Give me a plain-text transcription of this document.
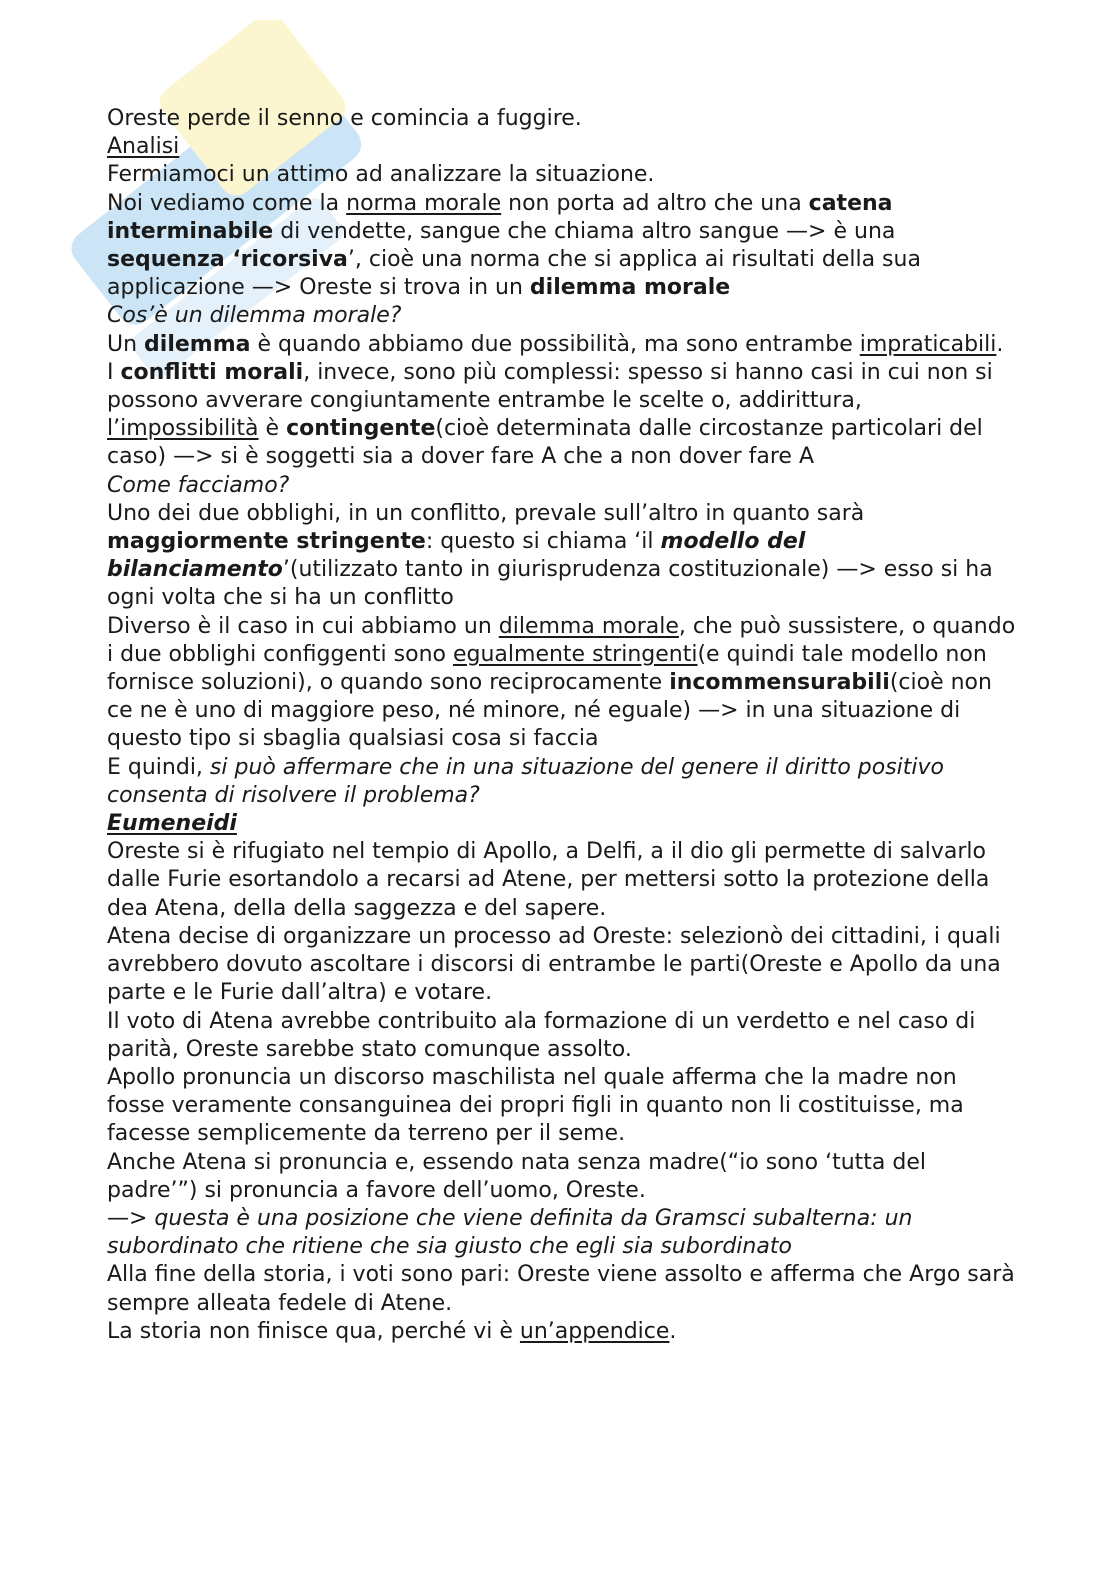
Oreste perde il senno e comincia a fuggire.

Analisi

Fermiamoci un attimo ad analizzare la situazione.

Noi vediamo come la norma morale non porta ad altro che una catena interminabile di vendette, sangue che chiama altro sangue —> è una sequenza ‘ricorsiva’, cioè una norma che si applica ai risultati della sua applicazione —> Oreste si trova in un dilemma morale

Cos’è un dilemma morale?

Un dilemma è quando abbiamo due possibilità, ma sono entrambe impraticabili.

I conflitti morali, invece, sono più complessi: spesso si hanno casi in cui non si possono avverare congiuntamente entrambe le scelte o, addirittura, l’impossibilità è contingente(cioè determinata dalle circostanze particolari del caso) —> si è soggetti sia a dover fare A che a non dover fare A

Come facciamo?

Uno dei due obblighi, in un conflitto, prevale sull’altro in quanto sarà maggiormente stringente: questo si chiama ‘il modello del bilanciamento’(utilizzato tanto in giurisprudenza costituzionale) —> esso si ha ogni volta che si ha un conflitto

Diverso è il caso in cui abbiamo un dilemma morale, che può sussistere, o quando i due obblighi configgenti sono egualmente stringenti(e quindi tale modello non fornisce soluzioni), o quando sono reciprocamente incommensurabili(cioè non ce ne è uno di maggiore peso, né minore, né eguale) —> in una situazione di questo tipo si sbaglia qualsiasi cosa si faccia

E quindi, si può affermare che in una situazione del genere il diritto positivo consenta di risolvere il problema?

Eumeneidi

Oreste si è rifugiato nel tempio di Apollo, a Delfi, a il dio gli permette di salvarlo dalle Furie esortandolo a recarsi ad Atene, per mettersi sotto la protezione della dea Atena, della della saggezza e del sapere.

Atena decise di organizzare un processo ad Oreste: selezionò dei cittadini, i quali avrebbero dovuto ascoltare i discorsi di entrambe le parti(Oreste e Apollo da una parte e le Furie dall’altra) e votare.

Il voto di Atena avrebbe contribuito ala formazione di un verdetto e nel caso di parità, Oreste sarebbe stato comunque assolto.

Apollo pronuncia un discorso maschilista nel quale afferma che la madre non fosse veramente consanguinea dei propri figli in quanto non li costituisse, ma facesse semplicemente da terreno per il seme.

Anche Atena si pronuncia e, essendo nata senza madre(“io sono ‘tutta del padre’”) si pronuncia a favore dell’uomo, Oreste.

—> questa è una posizione che viene definita da Gramsci subalterna: un subordinato che ritiene che sia giusto che egli sia subordinato

Alla fine della storia, i voti sono pari: Oreste viene assolto e afferma che Argo sarà sempre alleata fedele di Atene.

La storia non finisce qua, perché vi è un’appendice.
